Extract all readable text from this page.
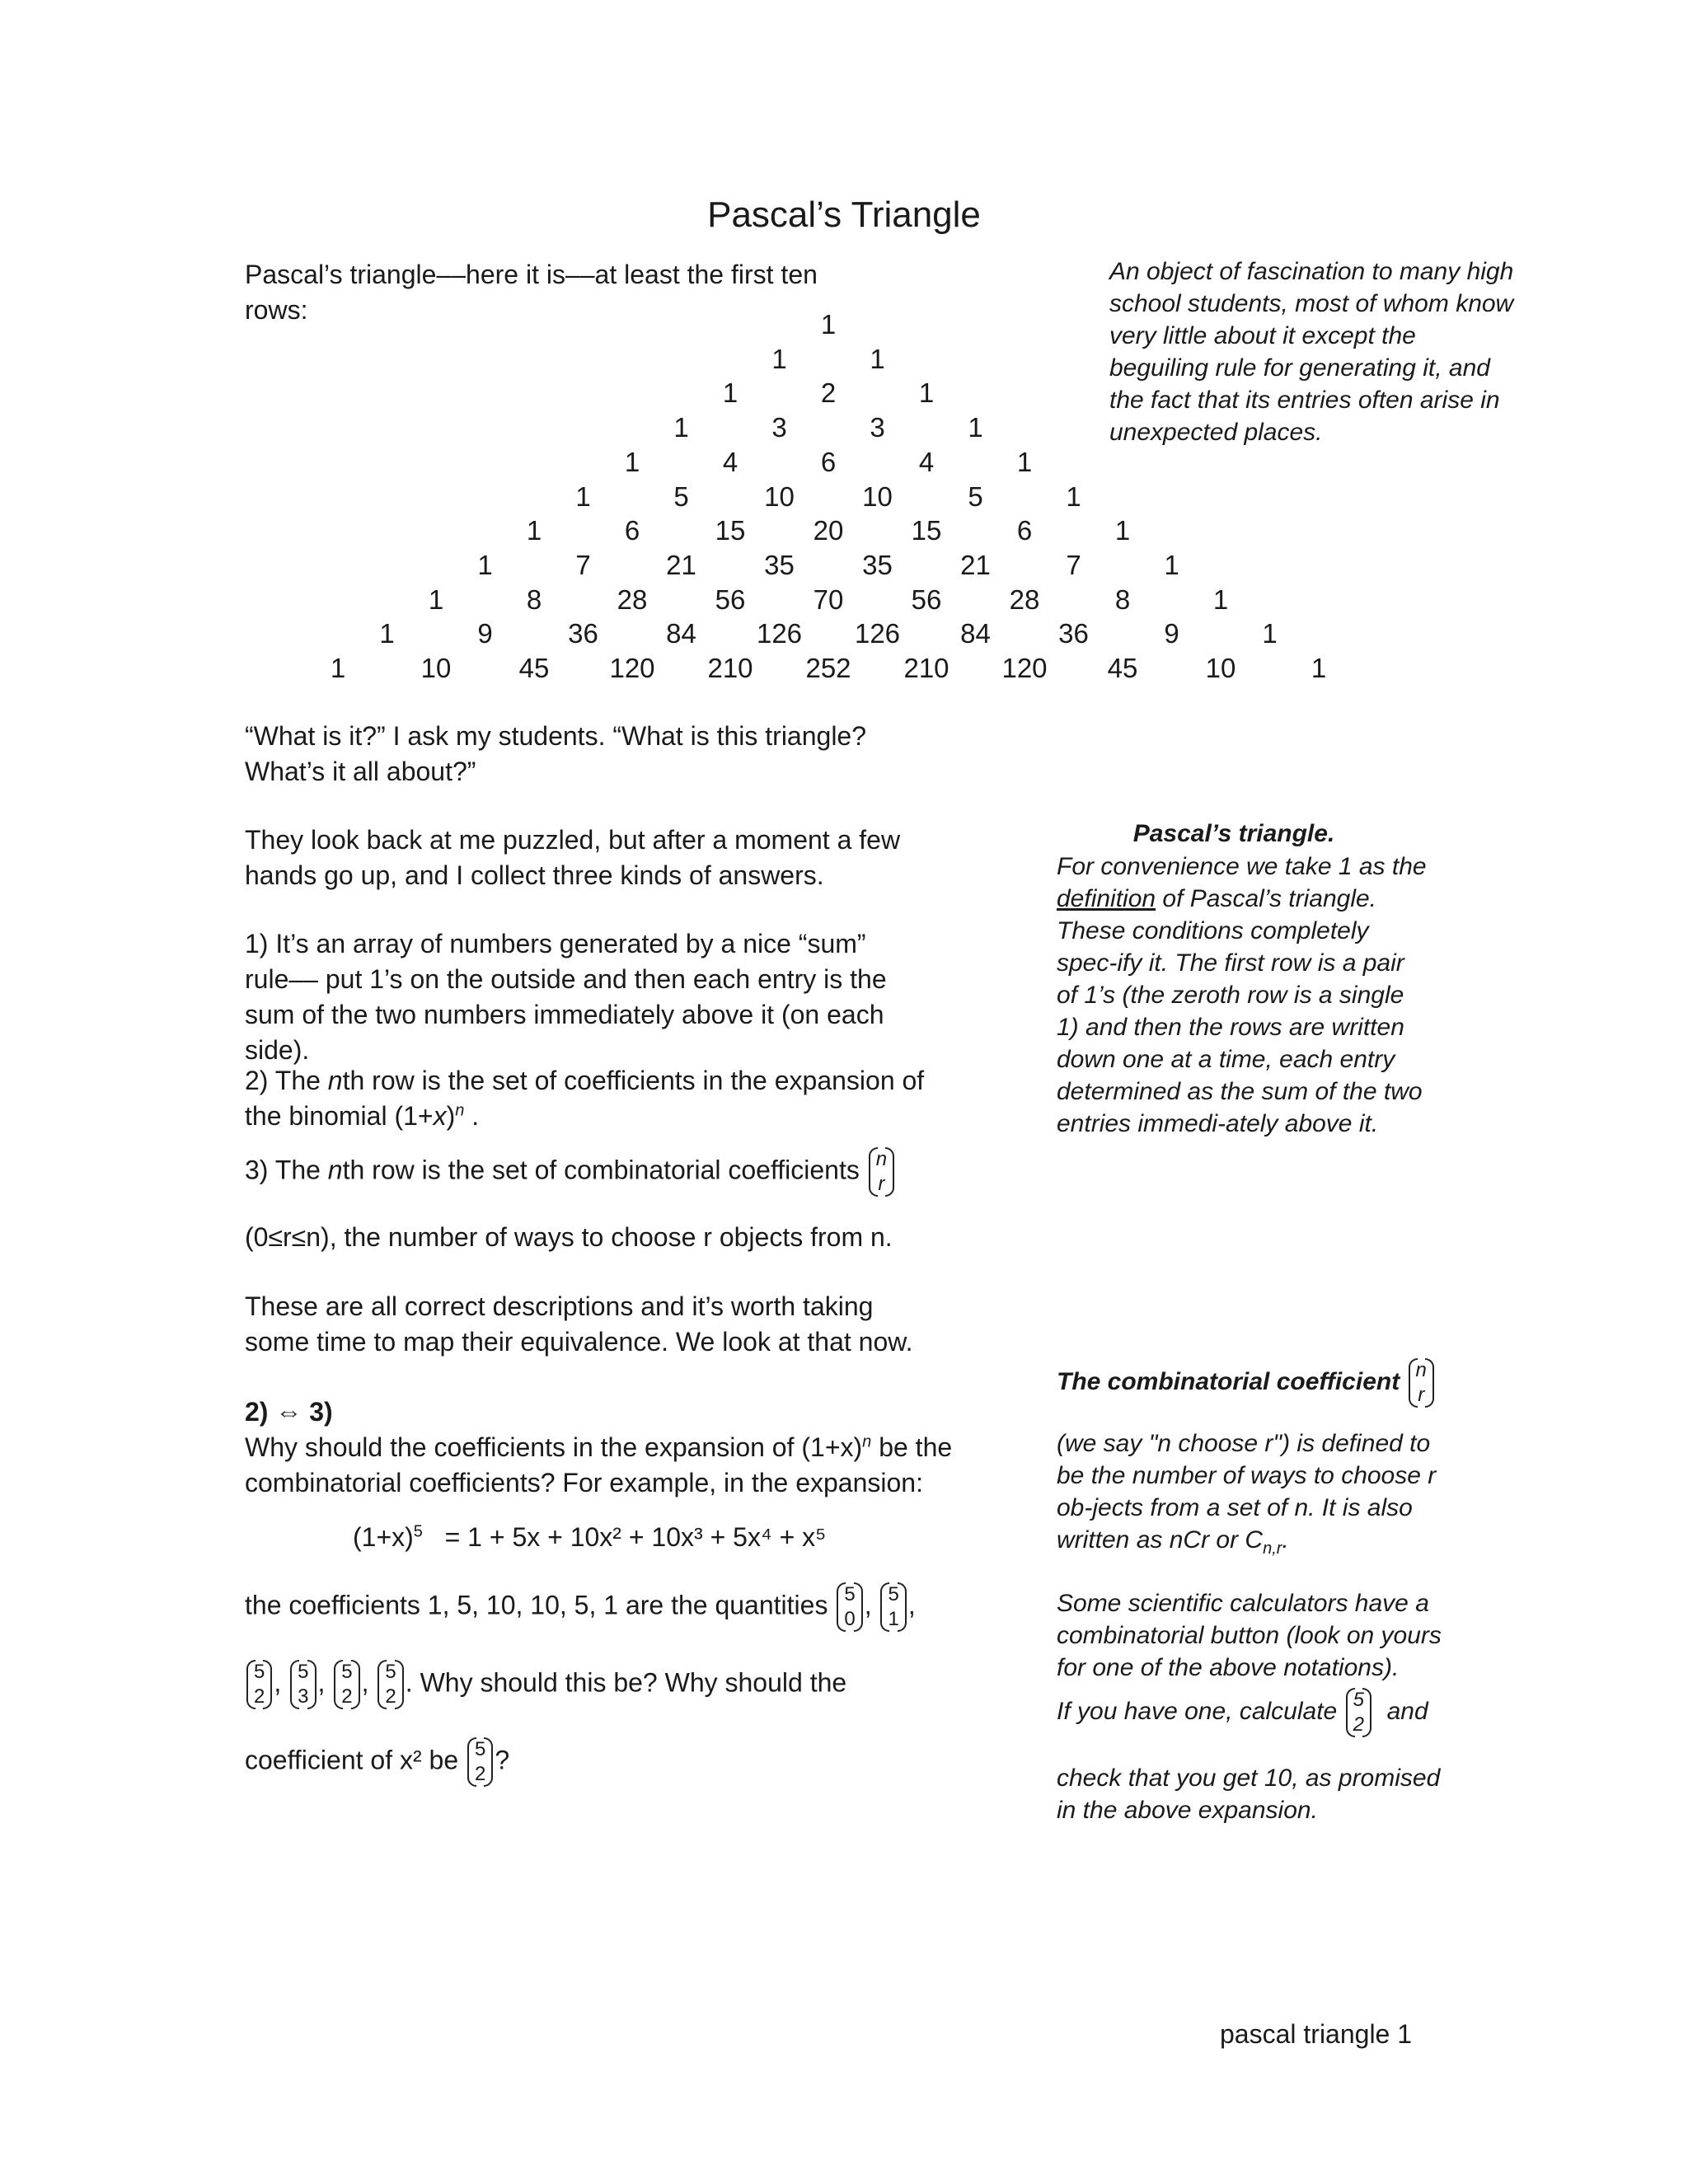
Pascal’s Triangle
Pascal’s triangle––here it is––at least the first ten rows:
An object of fascination to many high school students, most of whom know very little about it except the beguiling rule for generating it, and the fact that its entries often arise in unexpected places.
1
1	1
1	2	1
1	3	3	1
1	4	6	4	1
1	5	10 10	5	1
1	6	15 20 15	6	1
1	7	21 35 35 21	7	1
1	8	28 56 70 56 28	8	1
1	9	36 84 126 126 84 36	9	1
1	10 45 120 210 252 210 120 45 10	1
“What is it?” I ask my students. “What is this triangle? What’s it all about?”
They look back at me puzzled, but after a moment a few hands go up, and I collect three kinds of answers.
1) It’s an array of numbers generated by a nice “sum” rule–– put 1’s on the outside and then each entry is the sum of the two numbers immediately above it (on each side).
2) The nth row is the set of coefficients in the expansion of the binomial $(1+x)^n$ .
3) The nth row is the set of combinatorial coefficients n
r
(0≤r≤n), the number of ways to choose r objects from n.
These are all correct descriptions and it’s worth taking some time to map their equivalence. We look at that now.
2) ⇔ 3)
Why should the coefficients in the expansion of $(1+x)^n$ be the
combinatorial coefficients? For example, in the expansion:
$(1+x)^5 = 1 + 5x + 10x^2 + 10x^3 + 5x^4 + x^5$
the coefficients 1, 5, 10, 10, 5, 1 are the quantities 5
0 , 5
1 ,
5
2 , 5
3 , 5
2 , 5
2 . Why should this be? Why should the
coefficient of x² be 5
2 ?
Pascal’s triangle.
For convenience we take 1 as the definition of Pascal’s triangle. These conditions completely spec-ify it. The first row is a pair of 1’s (the zeroth row is a single 1) and then the rows are written down one at a time, each entry determined as the sum of the two entries immedi-ately above it.
The combinatorial coefficient n
r
(we say "n choose r") is defined to be the number of ways to choose r ob-jects from a set of n. It is also written as nCr or $C_{n,r}$.
Some scientific calculators have a combinatorial button (look on yours for one of the above notations).
If you have one, calculate 5
2 and
check that you get 10, as promised in the above expansion.
pascal triangle 1
